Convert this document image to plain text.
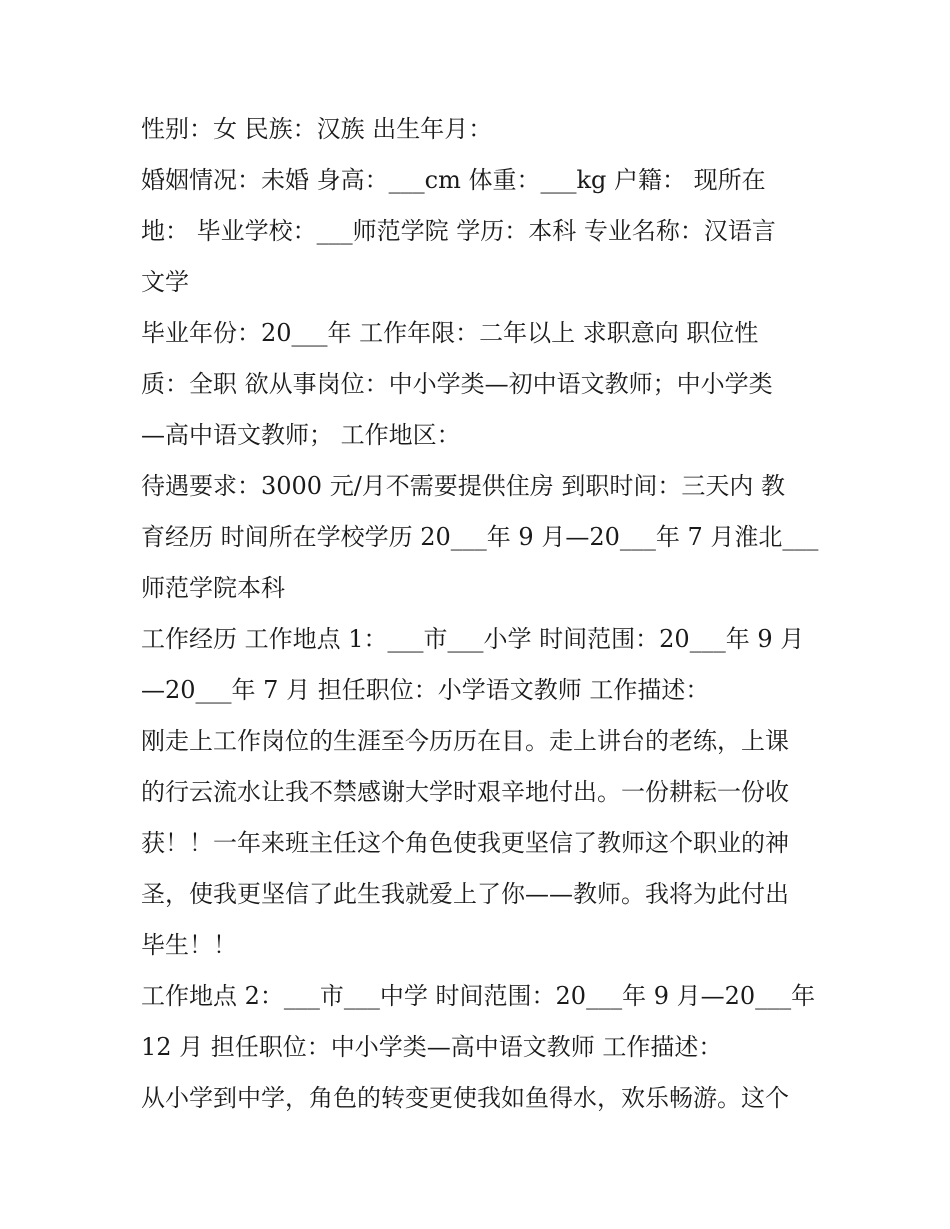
性别：女 民族：汉族 出生年月：
婚姻情况：未婚 身高：___cm 体重：___kg 户籍： 现所在
地： 毕业学校：___师范学院 学历：本科 专业名称：汉语言
文学
毕业年份：20___年 工作年限：二年以上 求职意向 职位性
质：全职 欲从事岗位：中小学类—初中语文教师；中小学类
—高中语文教师； 工作地区：
待遇要求：3000 元/月不需要提供住房 到职时间：三天内 教
育经历 时间所在学校学历 20___年 9 月—20___年 7 月淮北___
师范学院本科
工作经历 工作地点 1：___市___小学 时间范围：20___年 9 月
—20___年 7 月 担任职位：小学语文教师 工作描述：
刚走上工作岗位的生涯至今历历在目。走上讲台的老练，上课
的行云流水让我不禁感谢大学时艰辛地付出。一份耕耘一份收
获！！一年来班主任这个角色使我更坚信了教师这个职业的神
圣，使我更坚信了此生我就爱上了你——教师。我将为此付出
毕生！！
工作地点 2：___市___中学 时间范围：20___年 9 月—20___年
12 月 担任职位：中小学类—高中语文教师 工作描述：
从小学到中学，角色的转变更使我如鱼得水，欢乐畅游。这个
